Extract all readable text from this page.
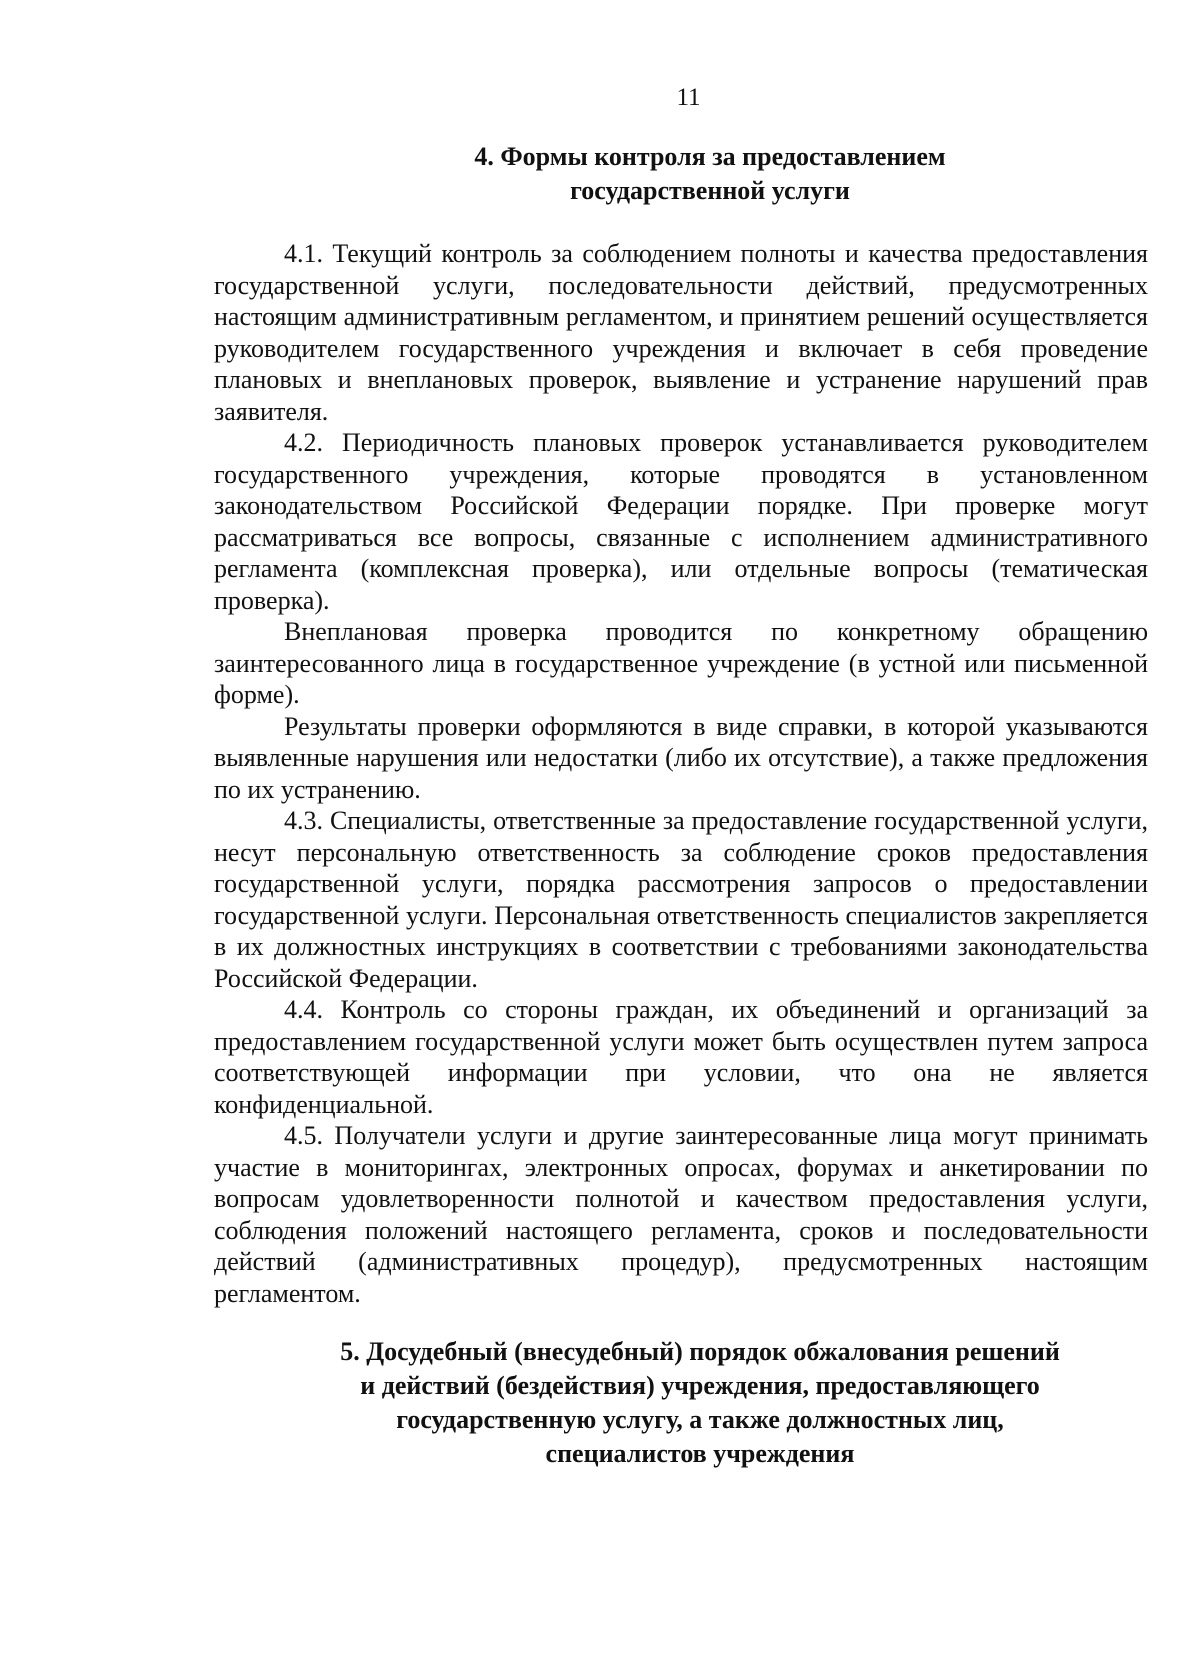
11
4. Формы контроля за предоставлением
государственной услуги

4.1. Текущий контроль за соблюдением полноты и качества предоставления государственной услуги, последовательности действий, предусмотренных настоящим административным регламентом, и принятием решений осуществляется руководителем государственного учреждения и включает в себя проведение плановых и внеплановых проверок, выявление и устранение нарушений прав заявителя.

4.2. Периодичность плановых проверок устанавливается руководителем государственного учреждения, которые проводятся в установленном законодательством Российской Федерации порядке. При проверке могут рассматриваться все вопросы, связанные с исполнением административного регламента (комплексная проверка), или отдельные вопросы (тематическая проверка).

Внеплановая проверка проводится по конкретному обращению заинтересованного лица в государственное учреждение (в устной или письменной форме).

Результаты проверки оформляются в виде справки, в которой указываются выявленные нарушения или недостатки (либо их отсутствие), а также предложения по их устранению.

4.3. Специалисты, ответственные за предоставление государственной услуги, несут персональную ответственность за соблюдение сроков предоставления государственной услуги, порядка рассмотрения запросов о предоставлении государственной услуги. Персональная ответственность специалистов закрепляется в их должностных инструкциях в соответствии с требованиями законодательства Российской Федерации.

4.4. Контроль со стороны граждан, их объединений и организаций за предоставлением государственной услуги может быть осуществлен путем запроса соответствующей информации при условии, что она не является конфиденциальной.

4.5. Получатели услуги и другие заинтересованные лица могут принимать участие в мониторингах, электронных опросах, форумах и анкетировании по вопросам удовлетворенности полнотой и качеством предоставления услуги, соблюдения положений настоящего регламента, сроков и последовательности действий (административных процедур), предусмотренных настоящим регламентом.

5. Досудебный (внесудебный) порядок обжалования решений
и действий (бездействия) учреждения, предоставляющего
государственную услугу, а также должностных лиц,
специалистов учреждения
